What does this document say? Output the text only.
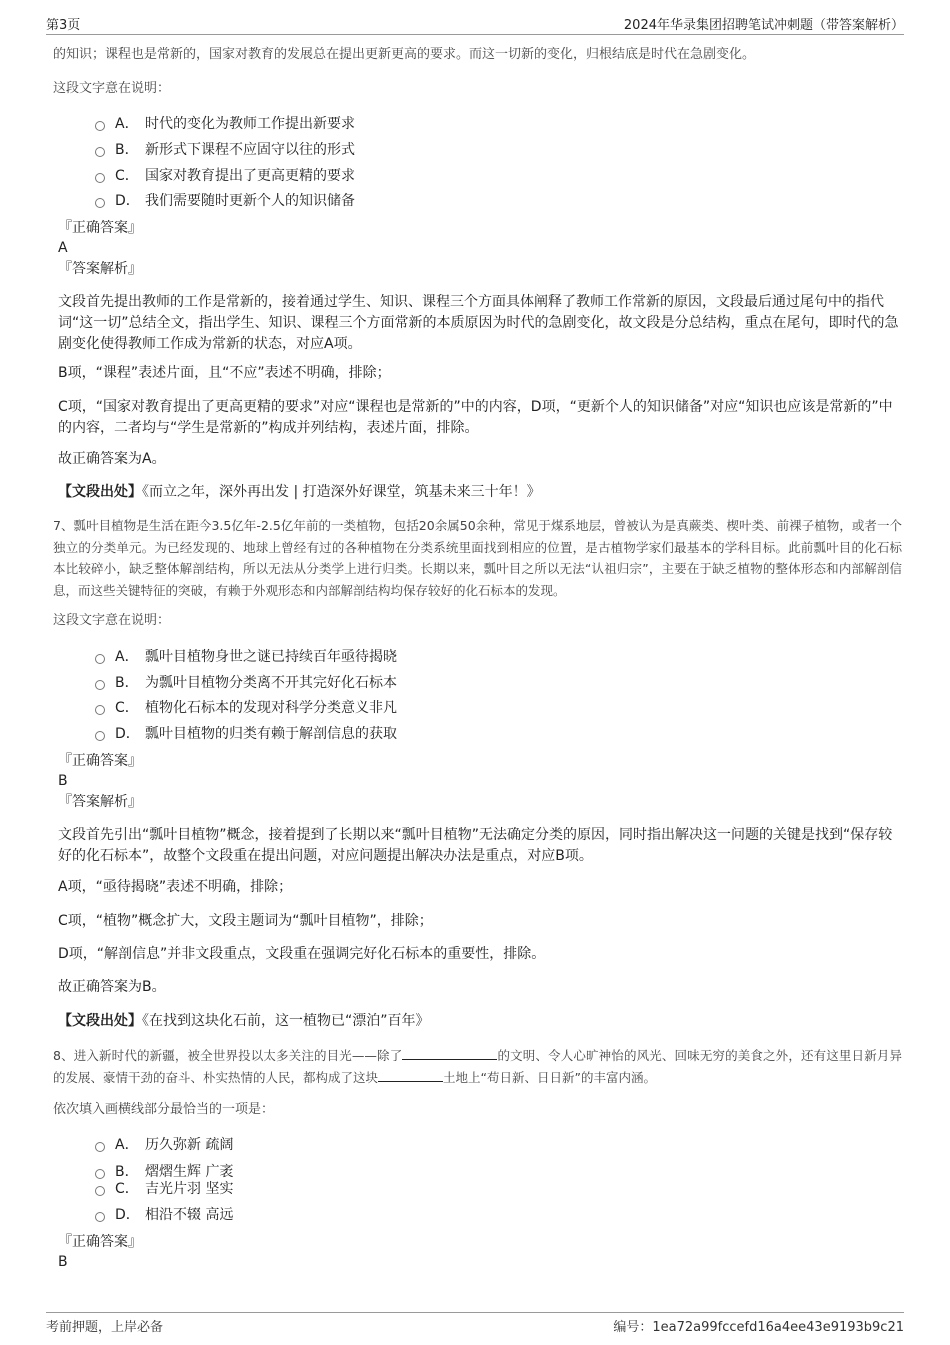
第3页	2024年华录集团招聘笔试冲刺题（带答案解析）
的知识；课程也是常新的，国家对教育的发展总在提出更新更高的要求。而这一切新的变化，归根结底是时代在急剧变化。
这段文字意在说明：
A． 时代的变化为教师工作提出新要求
B． 新形式下课程不应固守以往的形式
C． 国家对教育提出了更高更精的要求
D． 我们需要随时更新个人的知识储备
『正确答案』
A
『答案解析』
文段首先提出教师的工作是常新的，接着通过学生、知识、课程三个方面具体阐释了教师工作常新的原因，文段最后通过尾句中的指代词“这一切”总结全文，指出学生、知识、课程三个方面常新的本质原因为时代的急剧变化，故文段是分总结构，重点在尾句，即时代的急剧变化使得教师工作成为常新的状态，对应A项。
B项，“课程”表述片面，且“不应”表述不明确，排除；
C项，“国家对教育提出了更高更精的要求”对应“课程也是常新的”中的内容，D项，“更新个人的知识储备”对应“知识也应该是常新的”中的内容，二者均与“学生是常新的”构成并列结构，表述片面，排除。
故正确答案为A。
【文段出处】《而立之年，深外再出发 | 打造深外好课堂，筑基未来三十年！》
7、瓢叶目植物是生活在距今3.5亿年-2.5亿年前的一类植物，包括20余属50余种，常见于煤系地层，曾被认为是真蕨类、楔叶类、前裸子植物，或者一个独立的分类单元。为已经发现的、地球上曾经有过的各种植物在分类系统里面找到相应的位置，是古植物学家们最基本的学科目标。此前瓢叶目的化石标本比较碎小，缺乏整体解剖结构，所以无法从分类学上进行归类。长期以来，瓢叶目之所以无法“认祖归宗”，主要在于缺乏植物的整体形态和内部解剖信息，而这些关键特征的突破，有赖于外观形态和内部解剖结构均保存较好的化石标本的发现。
这段文字意在说明：
A． 瓢叶目植物身世之谜已持续百年亟待揭晓
B． 为瓢叶目植物分类离不开其完好化石标本
C． 植物化石标本的发现对科学分类意义非凡
D． 瓢叶目植物的归类有赖于解剖信息的获取
『正确答案』
B
『答案解析』
文段首先引出“瓢叶目植物”概念，接着提到了长期以来“瓢叶目植物”无法确定分类的原因，同时指出解决这一问题的关键是找到“保存较好的化石标本”，故整个文段重在提出问题，对应问题提出解决办法是重点，对应B项。
A项，“亟待揭晓”表述不明确，排除；
C项，“植物”概念扩大，文段主题词为“瓢叶目植物”，排除；
D项，“解剖信息”并非文段重点，文段重在强调完好化石标本的重要性，排除。
故正确答案为B。
【文段出处】《在找到这块化石前，这一植物已“漂泊”百年》
8、进入新时代的新疆，被全世界投以太多关注的目光——除了	的文明、令人心旷神怡的风光、回味无穷的美食之外，还有这里日新月异的发展、豪情干劲的奋斗、朴实热情的人民，都构成了这块	土地上“苟日新、日日新”的丰富内涵。
依次填入画横线部分最恰当的一项是：
A． 历久弥新 疏阔
B． 熠熠生辉 广袤
C． 吉光片羽 坚实
D． 相沿不辍 高远
『正确答案』
B
考前押题，上岸必备	编号：1ea72a99fccefd16a4ee43e9193b9c21
